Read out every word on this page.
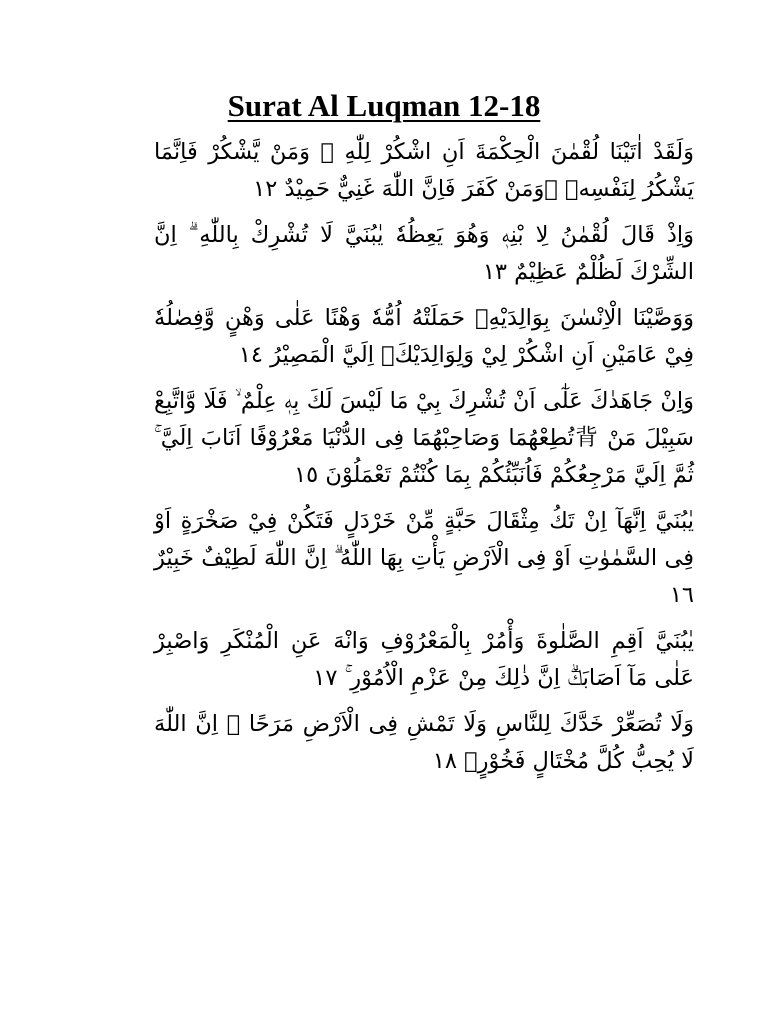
Surat Al Luqman 12-18

وَلَقَدْ اٰتَيْنَا لُقْمٰنَ الْحِكْمَةَ اَنِ اشْكُرْ لِلّٰهِ ۗ وَمَنْ يَّشْكُرْ فَاِنَّمَا يَشْكُرُ لِنَفْسِهٖ ۚوَمَنْ كَفَرَ فَاِنَّ اللّٰهَ غَنِيٌّ حَمِيْدٌ ١٢

وَاِذْ قَالَ لُقْمٰنُ لِا بْنِهٖ وَهُوَ يَعِظُهٗ يٰبُنَيَّ لَا تُشْرِكْ بِاللّٰهِ ۗ اِنَّ الشِّرْكَ لَظُلْمٌ عَظِيْمٌ ١٣

وَوَصَّيْنَا الْاِنْسٰنَ بِوَالِدَيْهِۚ حَمَلَتْهُ اُمُّهٗ وَهْنًا عَلٰى وَهْنٍ وَّفِصٰلُهٗ فِيْ عَامَيْنِ اَنِ اشْكُرْ لِيْ وَلِوَالِدَيْكَۗ اِلَيَّ الْمَصِيْرُ ١٤

وَاِنْ جَاهَدٰكَ عَلٰٓى اَنْ تُشْرِكَ بِيْ مَا لَيْسَ لَكَ بِهٖ عِلْمٌ ۙ فَلَا وَّاتَّبِعْ سَبِيْلَ مَنْ 背تُطِعْهُمَا وَصَاحِبْهُمَا فِى الدُّنْيَا مَعْرُوْفًا اَنَابَ اِلَيَّ ۚ ثُمَّ اِلَيَّ مَرْجِعُكُمْ فَاُنَبِّئُكُمْ بِمَا كُنْتُمْ تَعْمَلُوْنَ ١٥

يٰبُنَيَّ اِنَّهَآ اِنْ تَكُ مِثْقَالَ حَبَّةٍ مِّنْ خَرْدَلٍ فَتَكُنْ فِيْ صَخْرَةٍ اَوْ فِى السَّمٰوٰتِ اَوْ فِى الْاَرْضِ يَأْتِ بِهَا اللّٰهُ ۗ اِنَّ اللّٰهَ لَطِيْفٌ خَبِيْرٌ ١٦

يٰبُنَيَّ اَقِمِ الصَّلٰوةَ وَأْمُرْ بِالْمَعْرُوْفِ وَانْهَ عَنِ الْمُنْكَرِ وَاصْبِرْ عَلٰى مَآ اَصَابَكَۗ اِنَّ ذٰلِكَ مِنْ عَزْمِ الْاُمُوْرِ ۚ ١٧

وَلَا تُصَعِّرْ خَدَّكَ لِلنَّاسِ وَلَا تَمْشِ فِى الْاَرْضِ مَرَحًا ۗ اِنَّ اللّٰهَ لَا يُحِبُّ كُلَّ مُخْتَالٍ فَخُوْرٍۚ ١٨
